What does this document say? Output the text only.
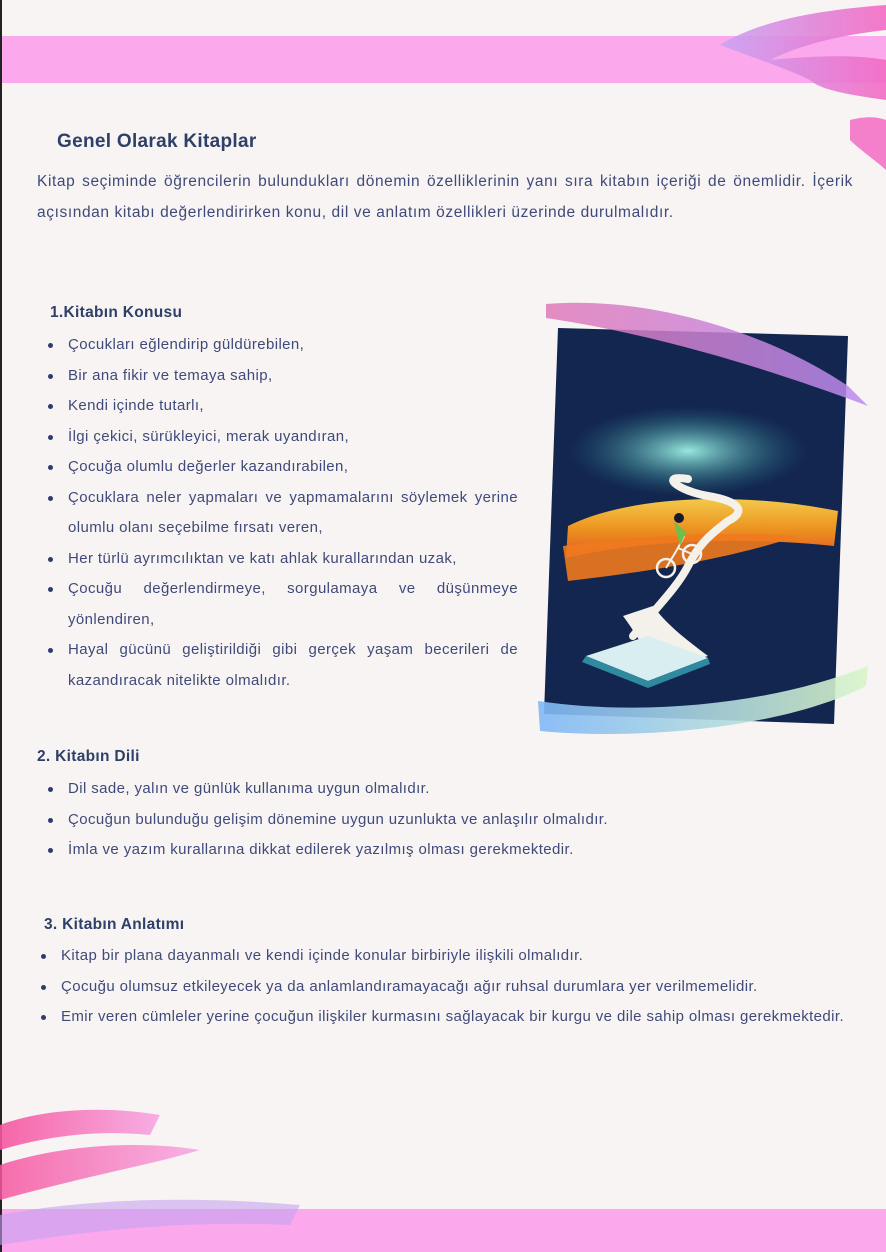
Genel Olarak Kitaplar

Kitap seçiminde öğrencilerin bulundukları dönemin özelliklerinin yanı sıra kitabın içeriği de önemlidir. İçerik açısından kitabı değerlendirirken konu, dil ve anlatım özellikleri üzerinde durulmalıdır.

1.Kitabın Konusu
Çocukları eğlendirip güldürebilen,
Bir ana fikir ve temaya sahip,
Kendi içinde tutarlı,
İlgi çekici, sürükleyici, merak uyandıran,
Çocuğa olumlu değerler kazandırabilen,
Çocuklara neler yapmaları ve yapmamalarını söylemek yerine olumlu olanı seçebilme fırsatı veren,
Her türlü ayrımcılıktan ve katı ahlak kurallarından uzak,
Çocuğu değerlendirmeye, sorgulamaya ve düşünmeye yönlendiren,
Hayal gücünü geliştirildiği gibi gerçek yaşam becerileri de kazandıracak nitelikte olmalıdır.
2. Kitabın Dili
Dil sade, yalın ve günlük kullanıma uygun olmalıdır.
Çocuğun bulunduğu gelişim dönemine uygun uzunlukta ve anlaşılır olmalıdır.
İmla ve yazım kurallarına dikkat edilerek yazılmış olması gerekmektedir.
3. Kitabın Anlatımı
Kitap bir plana dayanmalı ve kendi içinde konular birbiriyle ilişkili olmalıdır.
Çocuğu olumsuz etkileyecek ya da anlamlandıramayacağı ağır ruhsal durumlara yer verilmemelidir.
Emir veren cümleler yerine çocuğun ilişkiler kurmasını sağlayacak bir kurgu ve dile sahip olması gerekmektedir.
